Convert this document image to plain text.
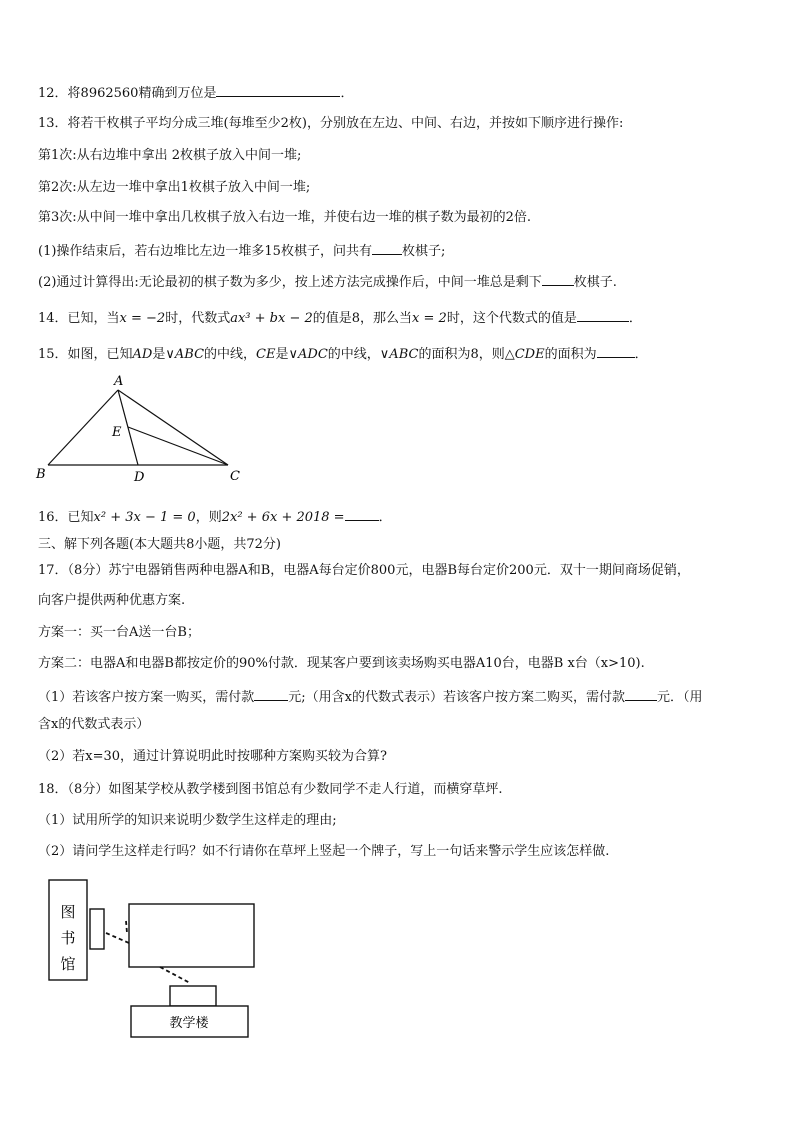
12．将8962560精确到万位是	．
13．将若干枚棋子平均分成三堆(每堆至少2枚)，分别放在左边、中间、右边，并按如下顺序进行操作:
第1次:从右边堆中拿出 2枚棋子放入中间一堆;
第2次:从左边一堆中拿出1枚棋子放入中间一堆;
第3次:从中间一堆中拿出几枚棋子放入右边一堆，并使右边一堆的棋子数为最初的2倍.
(1)操作结束后，若右边堆比左边一堆多15枚棋子，问共有 枚棋子;
(2)通过计算得出:无论最初的棋子数为多少，按上述方法完成操作后，中间一堆总是剩下 枚棋子.
14．已知，当x = −2时，代数式ax³ + bx − 2的值是8，那么当x = 2时，这个代数式的值是	．
15．如图，已知AD是∨ABC的中线，CE是∨ADC的中线，∨ABC的面积为8，则△CDE的面积为	．
A
B	C
D
E
16．已知x² + 3x − 1 = 0，则2x² + 6x + 2018 =	．
三、解下列各题(本大题共8小题，共72分)
17．（8分）苏宁电器销售两种电器A和B，电器A每台定价800元，电器B每台定价200元．双十一期间商场促销，
向客户提供两种优惠方案.
方案一：买一台A送一台B；
方案二：电器A和电器B都按定价的90%付款．现某客户要到该卖场购买电器A10台，电器B x台（x>10).
（1）若该客户按方案一购买，需付款	元;（用含x的代数式表示）若该客户按方案二购买，需付款 元．（用
含x的代数式表示）
（2）若x=30，通过计算说明此时按哪种方案购买较为合算?
18．（8分）如图某学校从教学楼到图书馆总有少数同学不走人行道，而横穿草坪.
（1）试用所学的知识来说明少数学生这样走的理由;
（2）请问学生这样走行吗？如不行请你在草坪上竖起一个牌子，写上一句话来警示学生应该怎样做.
图
书
馆
教学楼
